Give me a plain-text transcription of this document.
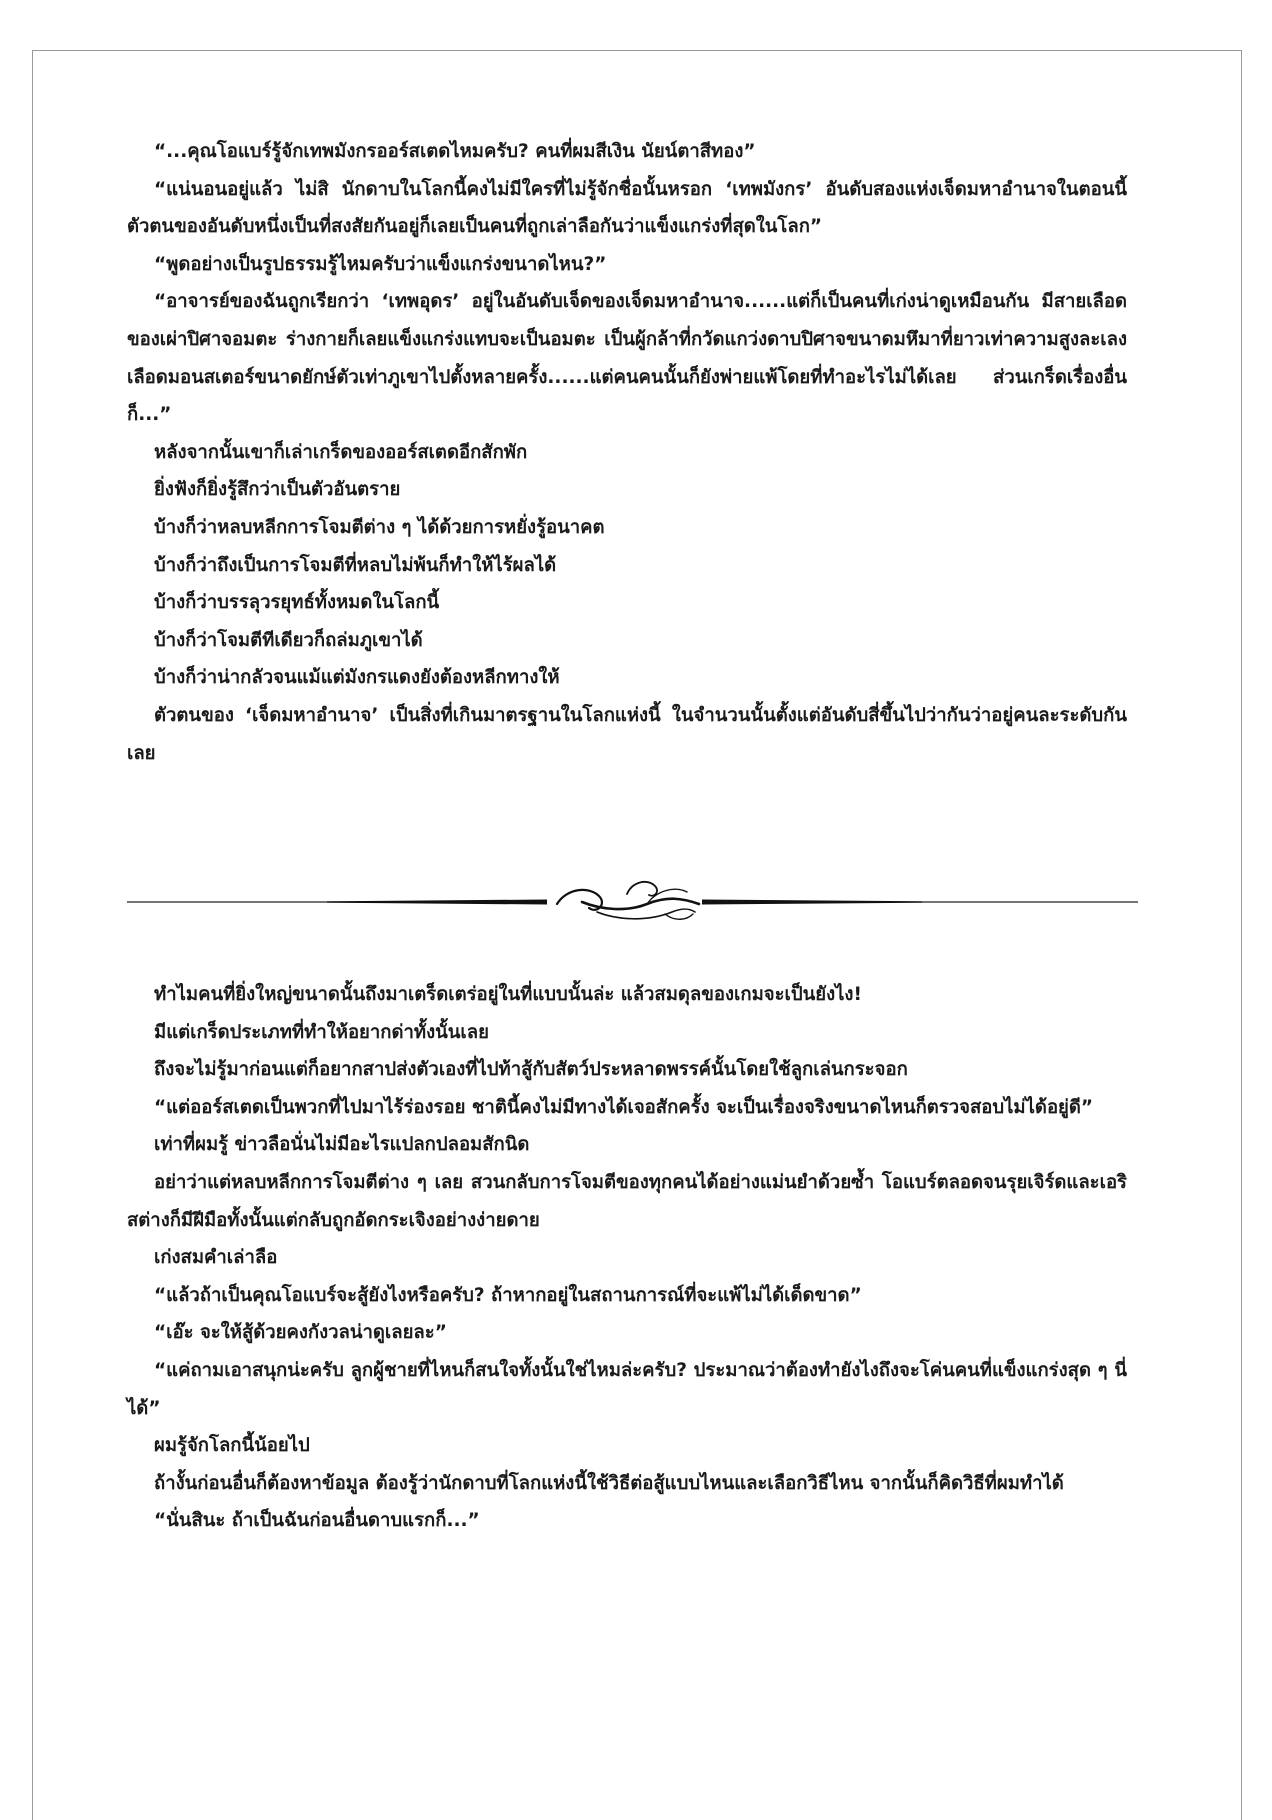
“...คุณโอแบร์รู้จักเทพมังกรออร์สเตดไหมครับ? คนที่ผมสีเงิน นัยน์ตาสีทอง”

“แน่นอนอยู่แล้ว ไม่สิ นักดาบในโลกนี้คงไม่มีใครที่ไม่รู้จักชื่อนั้นหรอก ‘เทพมังกร’ อันดับสองแห่งเจ็ดมหาอำนาจในตอนนี้ ตัวตนของอันดับหนึ่งเป็นที่สงสัยกันอยู่ก็เลยเป็นคนที่ถูกเล่าลือกันว่าแข็งแกร่งที่สุดในโลก”

“พูดอย่างเป็นรูปธรรมรู้ไหมครับว่าแข็งแกร่งขนาดไหน?”

“อาจารย์ของฉันถูกเรียกว่า ‘เทพอุดร’ อยู่ในอันดับเจ็ดของเจ็ดมหาอำนาจ......แต่ก็เป็นคนที่เก่งน่าดูเหมือนกัน มีสายเลือดของเผ่าปิศาจอมตะ ร่างกายก็เลยแข็งแกร่งแทบจะเป็นอมตะ เป็นผู้กล้าที่กวัดแกว่งดาบปิศาจขนาดมหึมาที่ยาวเท่าความสูงละเลงเลือดมอนสเตอร์ขนาดยักษ์ตัวเท่าภูเขาไปตั้งหลายครั้ง......แต่คนคนนั้นก็ยังพ่ายแพ้โดยที่ทำอะไรไม่ได้เลย ส่วนเกร็ดเรื่องอื่นก็...”

หลังจากนั้นเขาก็เล่าเกร็ดของออร์สเตดอีกสักพัก

ยิ่งฟังก็ยิ่งรู้สึกว่าเป็นตัวอันตราย

บ้างก็ว่าหลบหลีกการโจมตีต่าง ๆ ได้ด้วยการหยั่งรู้อนาคต

บ้างก็ว่าถึงเป็นการโจมตีที่หลบไม่พ้นก็ทำให้ไร้ผลได้

บ้างก็ว่าบรรลุวรยุทธ์ทั้งหมดในโลกนี้

บ้างก็ว่าโจมตีทีเดียวก็ถล่มภูเขาได้

บ้างก็ว่าน่ากลัวจนแม้แต่มังกรแดงยังต้องหลีกทางให้

ตัวตนของ ‘เจ็ดมหาอำนาจ’ เป็นสิ่งที่เกินมาตรฐานในโลกแห่งนี้ ในจำนวนนั้นตั้งแต่อันดับสี่ขึ้นไปว่ากันว่าอยู่คนละระดับกันเลย

ทำไมคนที่ยิ่งใหญ่ขนาดนั้นถึงมาเตร็ดเตร่อยู่ในที่แบบนั้นล่ะ แล้วสมดุลของเกมจะเป็นยังไง!

มีแต่เกร็ดประเภทที่ทำให้อยากด่าทั้งนั้นเลย

ถึงจะไม่รู้มาก่อนแต่ก็อยากสาปส่งตัวเองที่ไปท้าสู้กับสัตว์ประหลาดพรรค์นั้นโดยใช้ลูกเล่นกระจอก

“แต่ออร์สเตดเป็นพวกที่ไปมาไร้ร่องรอย ชาตินี้คงไม่มีทางได้เจอสักครั้ง จะเป็นเรื่องจริงขนาดไหนก็ตรวจสอบไม่ได้อยู่ดี”

เท่าที่ผมรู้ ข่าวลือนั่นไม่มีอะไรแปลกปลอมสักนิด

อย่าว่าแต่หลบหลีกการโจมตีต่าง ๆ เลย สวนกลับการโจมตีของทุกคนได้อย่างแม่นยำด้วยซ้ำ โอแบร์ตลอดจนรุยเจิร์ดและเอริสต่างก็มีฝีมือทั้งนั้นแต่กลับถูกอัดกระเจิงอย่างง่ายดาย

เก่งสมคำเล่าลือ

“แล้วถ้าเป็นคุณโอแบร์จะสู้ยังไงหรือครับ? ถ้าหากอยู่ในสถานการณ์ที่จะแพ้ไม่ได้เด็ดขาด”

“เอ๊ะ จะให้สู้ด้วยคงกังวลน่าดูเลยละ”

“แค่ถามเอาสนุกน่ะครับ ลูกผู้ชายที่ไหนก็สนใจทั้งนั้นใช่ไหมล่ะครับ? ประมาณว่าต้องทำยังไงถึงจะโค่นคนที่แข็งแกร่งสุด ๆ นี่ได้”

ผมรู้จักโลกนี้น้อยไป

ถ้างั้นก่อนอื่นก็ต้องหาข้อมูล ต้องรู้ว่านักดาบที่โลกแห่งนี้ใช้วิธีต่อสู้แบบไหนและเลือกวิธีไหน จากนั้นก็คิดวิธีที่ผมทำได้

“นั่นสินะ ถ้าเป็นฉันก่อนอื่นดาบแรกก็...”
